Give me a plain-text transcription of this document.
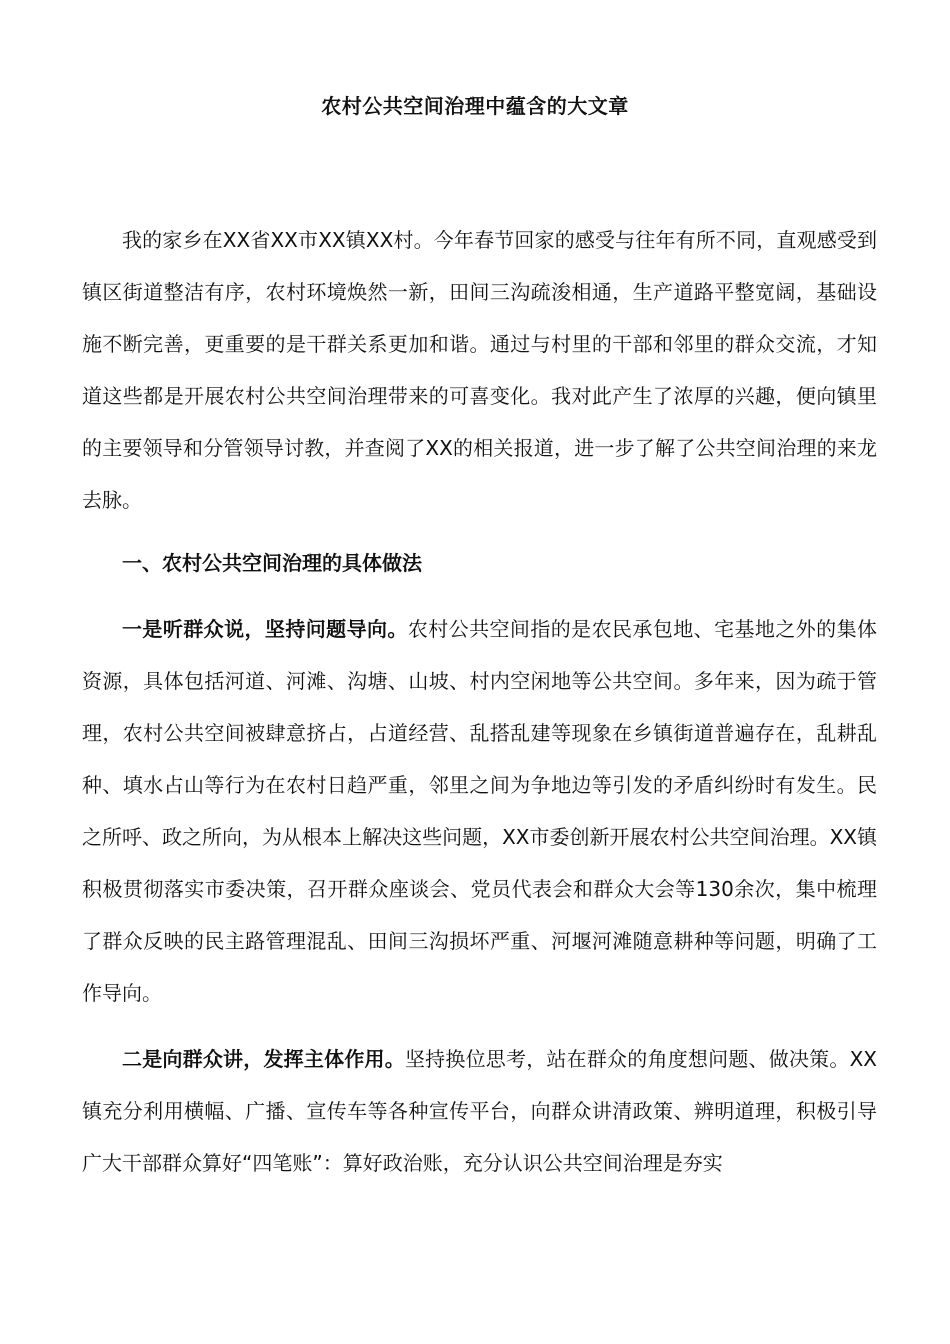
农村公共空间治理中蕴含的大文章

我的家乡在XX省XX市XX镇XX村。今年春节回家的感受与往年有所不同，直观感受到镇区街道整洁有序，农村环境焕然一新，田间三沟疏浚相通，生产道路平整宽阔，基础设施不断完善，更重要的是干群关系更加和谐。通过与村里的干部和邻里的群众交流，才知道这些都是开展农村公共空间治理带来的可喜变化。我对此产生了浓厚的兴趣，便向镇里的主要领导和分管领导讨教，并查阅了XX的相关报道，进一步了解了公共空间治理的来龙去脉。

一、农村公共空间治理的具体做法

一是听群众说，坚持问题导向。农村公共空间指的是农民承包地、宅基地之外的集体资源，具体包括河道、河滩、沟塘、山坡、村内空闲地等公共空间。多年来，因为疏于管理，农村公共空间被肆意挤占，占道经营、乱搭乱建等现象在乡镇街道普遍存在，乱耕乱种、填水占山等行为在农村日趋严重，邻里之间为争地边等引发的矛盾纠纷时有发生。民之所呼、政之所向，为从根本上解决这些问题，XX市委创新开展农村公共空间治理。XX镇积极贯彻落实市委决策，召开群众座谈会、党员代表会和群众大会等130余次，集中梳理了群众反映的民主路管理混乱、田间三沟损坏严重、河堰河滩随意耕种等问题，明确了工作导向。

二是向群众讲，发挥主体作用。坚持换位思考，站在群众的角度想问题、做决策。XX镇充分利用横幅、广播、宣传车等各种宣传平台，向群众讲清政策、辨明道理，积极引导广大干部群众算好“四笔账”：算好政治账，充分认识公共空间治理是夯实
